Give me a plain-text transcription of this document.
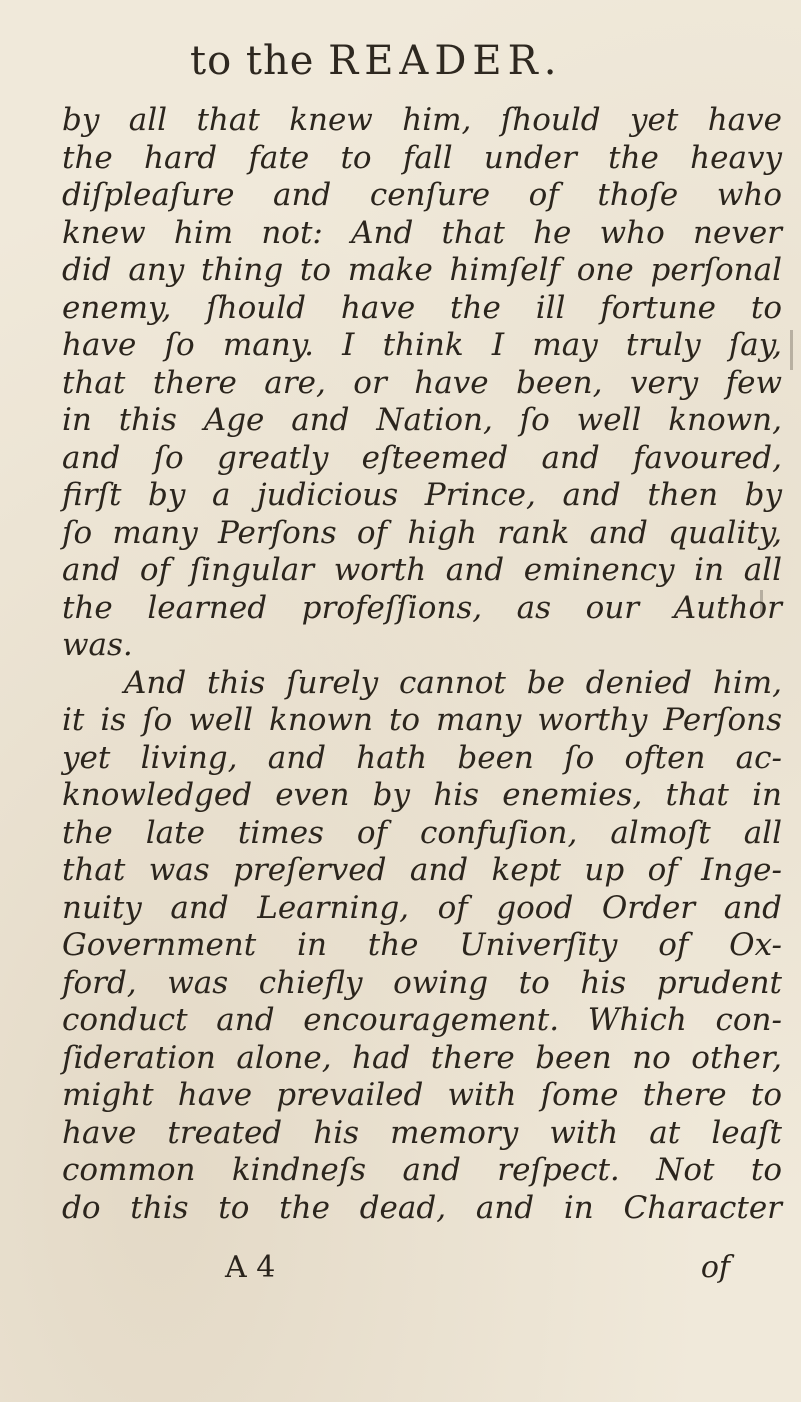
to the READER.
by all that knew him, ſhould yet have
the hard fate to fall under the heavy
diſpleaſure and cenſure of thoſe who
knew him not: And that he who never
did any thing to make himſelf one perſonal
enemy, ſhould have the ill fortune to
have ſo many. I think I may truly ſay,
that there are, or have been, very few
in this Age and Nation, ſo well known,
and ſo greatly eſteemed and favoured,
firſt by a judicious Prince, and then by
ſo many Perſons of high rank and quality,
and of ſingular worth and eminency in all
the learned profeſſions, as our Author
was.
And this ſurely cannot be denied him,
it is ſo well known to many worthy Perſons
yet living, and hath been ſo often ac-
knowledged even by his enemies, that in
the late times of confuſion, almoſt all
that was preſerved and kept up of Inge-
nuity and Learning, of good Order and
Government in the Univerſity of Ox-
ford, was chiefly owing to his prudent
conduct and encouragement. Which con-
ſideration alone, had there been no other,
might have prevailed with ſome there to
have treated his memory with at leaſt
common kindneſs and reſpect. Not to
do this to the dead, and in Character
A 4	of
